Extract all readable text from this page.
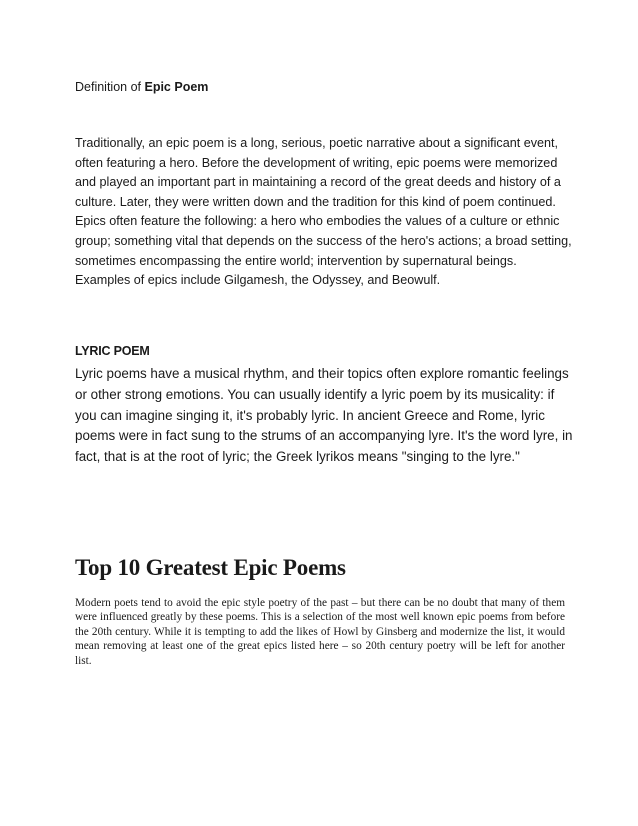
Definition of Epic Poem
Traditionally, an epic poem is a long, serious, poetic narrative about a significant event, often featuring a hero. Before the development of writing, epic poems were memorized and played an important part in maintaining a record of the great deeds and history of a culture. Later, they were written down and the tradition for this kind of poem continued. Epics often feature the following: a hero who embodies the values of a culture or ethnic group; something vital that depends on the success of the hero's actions; a broad setting, sometimes encompassing the entire world; intervention by supernatural beings. Examples of epics include Gilgamesh, the Odyssey, and Beowulf.
LYRIC POEM
Lyric poems have a musical rhythm, and their topics often explore romantic feelings or other strong emotions. You can usually identify a lyric poem by its musicality: if you can imagine singing it, it's probably lyric. In ancient Greece and Rome, lyric poems were in fact sung to the strums of an accompanying lyre. It's the word lyre, in fact, that is at the root of lyric; the Greek lyrikos means "singing to the lyre."
Top 10 Greatest Epic Poems
Modern poets tend to avoid the epic style poetry of the past – but there can be no doubt that many of them were influenced greatly by these poems. This is a selection of the most well known epic poems from before the 20th century. While it is tempting to add the likes of Howl by Ginsberg and modernize the list, it would mean removing at least one of the great epics listed here – so 20th century poetry will be left for another list.
